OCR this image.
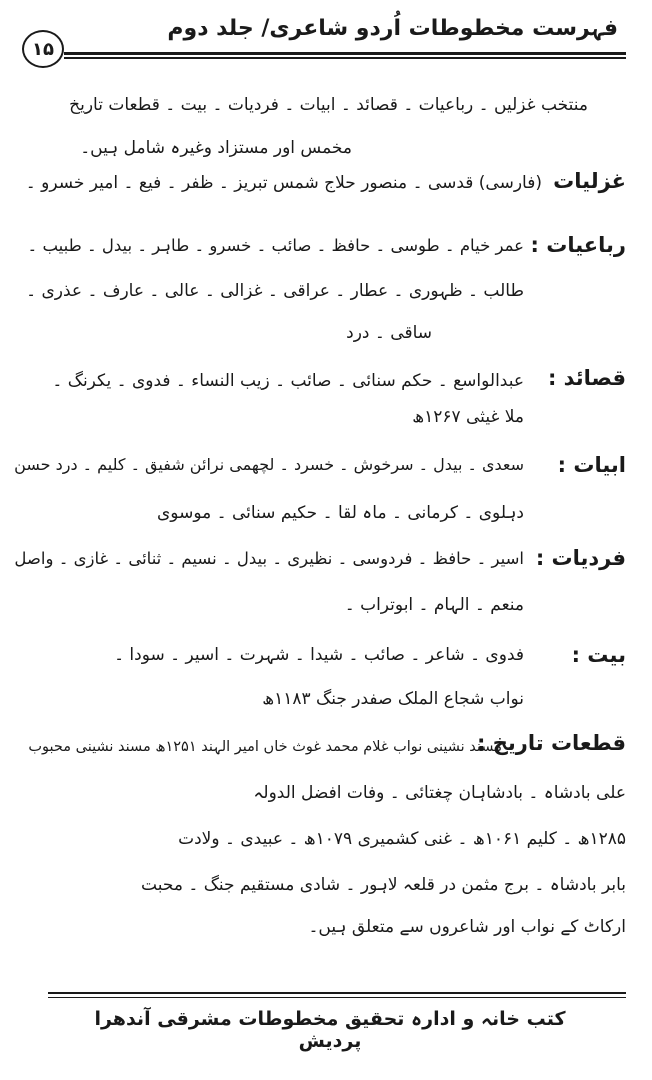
فہرست مخطوطات اُردو شاعری/ جلد دوم
۱۵
منتخب غزلیں ۔ رباعیات ۔ قصائد ۔ ابیات ۔ فردیات ۔ بیت ۔ قطعات تاریخ
مخمس اور مستزاد وغیرہ شامل ہیں۔
غزلیات
(فارسی) قدسی ۔ منصور حلاج شمس تبریز ۔ ظفر ۔ فیع ۔ امیر خسرو ۔
رباعیات :
عمر خیام ۔ طوسی ۔ حافظ ۔ صائب ۔ خسرو ۔ طاہر ۔ بیدل ۔ طبیب ۔
طالب ۔ ظہوری ۔ عطار ۔ عراقی ۔ غزالی ۔ عالی ۔ عارف ۔ عذری ۔
ساقی ۔ درد
قصائد :
عبدالواسع ۔ حکم سنائی ۔ صائب ۔ زیب النساء ۔ فدوی ۔ یکرنگ ۔
ملا غیثی ۱۲۶۷ھ
ابیات :
سعدی ۔ بیدل ۔ سرخوش ۔ خسرد ۔ لچھمی نرائن شفیق ۔ کلیم ۔ درد حسن
دہلوی ۔ کرمانی ۔ ماہ لقا ۔ حکیم سنائی ۔ موسوی
فردیات :
اسیر ۔ حافظ ۔ فردوسی ۔ نظیری ۔ بیدل ۔ نسیم ۔ ثنائی ۔ غازی ۔ واصل
منعم ۔ الہام ۔ ابوتراب ۔
بیت :
فدوی ۔ شاعر ۔ صائب ۔ شیدا ۔ شہرت ۔ اسیر ۔ سودا ۔
نواب شجاع الملک صفدر جنگ ۱۱۸۳ھ
قطعات تاریخ :
مسند نشینی نواب غلام محمد غوث خاں امیر الہند ۱۲۵۱ھ مسند نشینی محبوب
علی بادشاہ ۔ بادشاہان چغتائی ۔ وفات افضل الدولہ
۱۲۸۵ھ ۔ کلیم ۱۰۶۱ھ ۔ غنی کشمیری ۱۰۷۹ھ ۔ عبیدی ۔ ولادت
بابر بادشاہ ۔ برج مثمن در قلعہ لاہور ۔ شادی مستقیم جنگ ۔ محبت
ارکاٹ کے نواب اور شاعروں سے متعلق ہیں۔
کتب خانہ و ادارہ تحقیق مخطوطات مشرقی آندھرا پردیش
